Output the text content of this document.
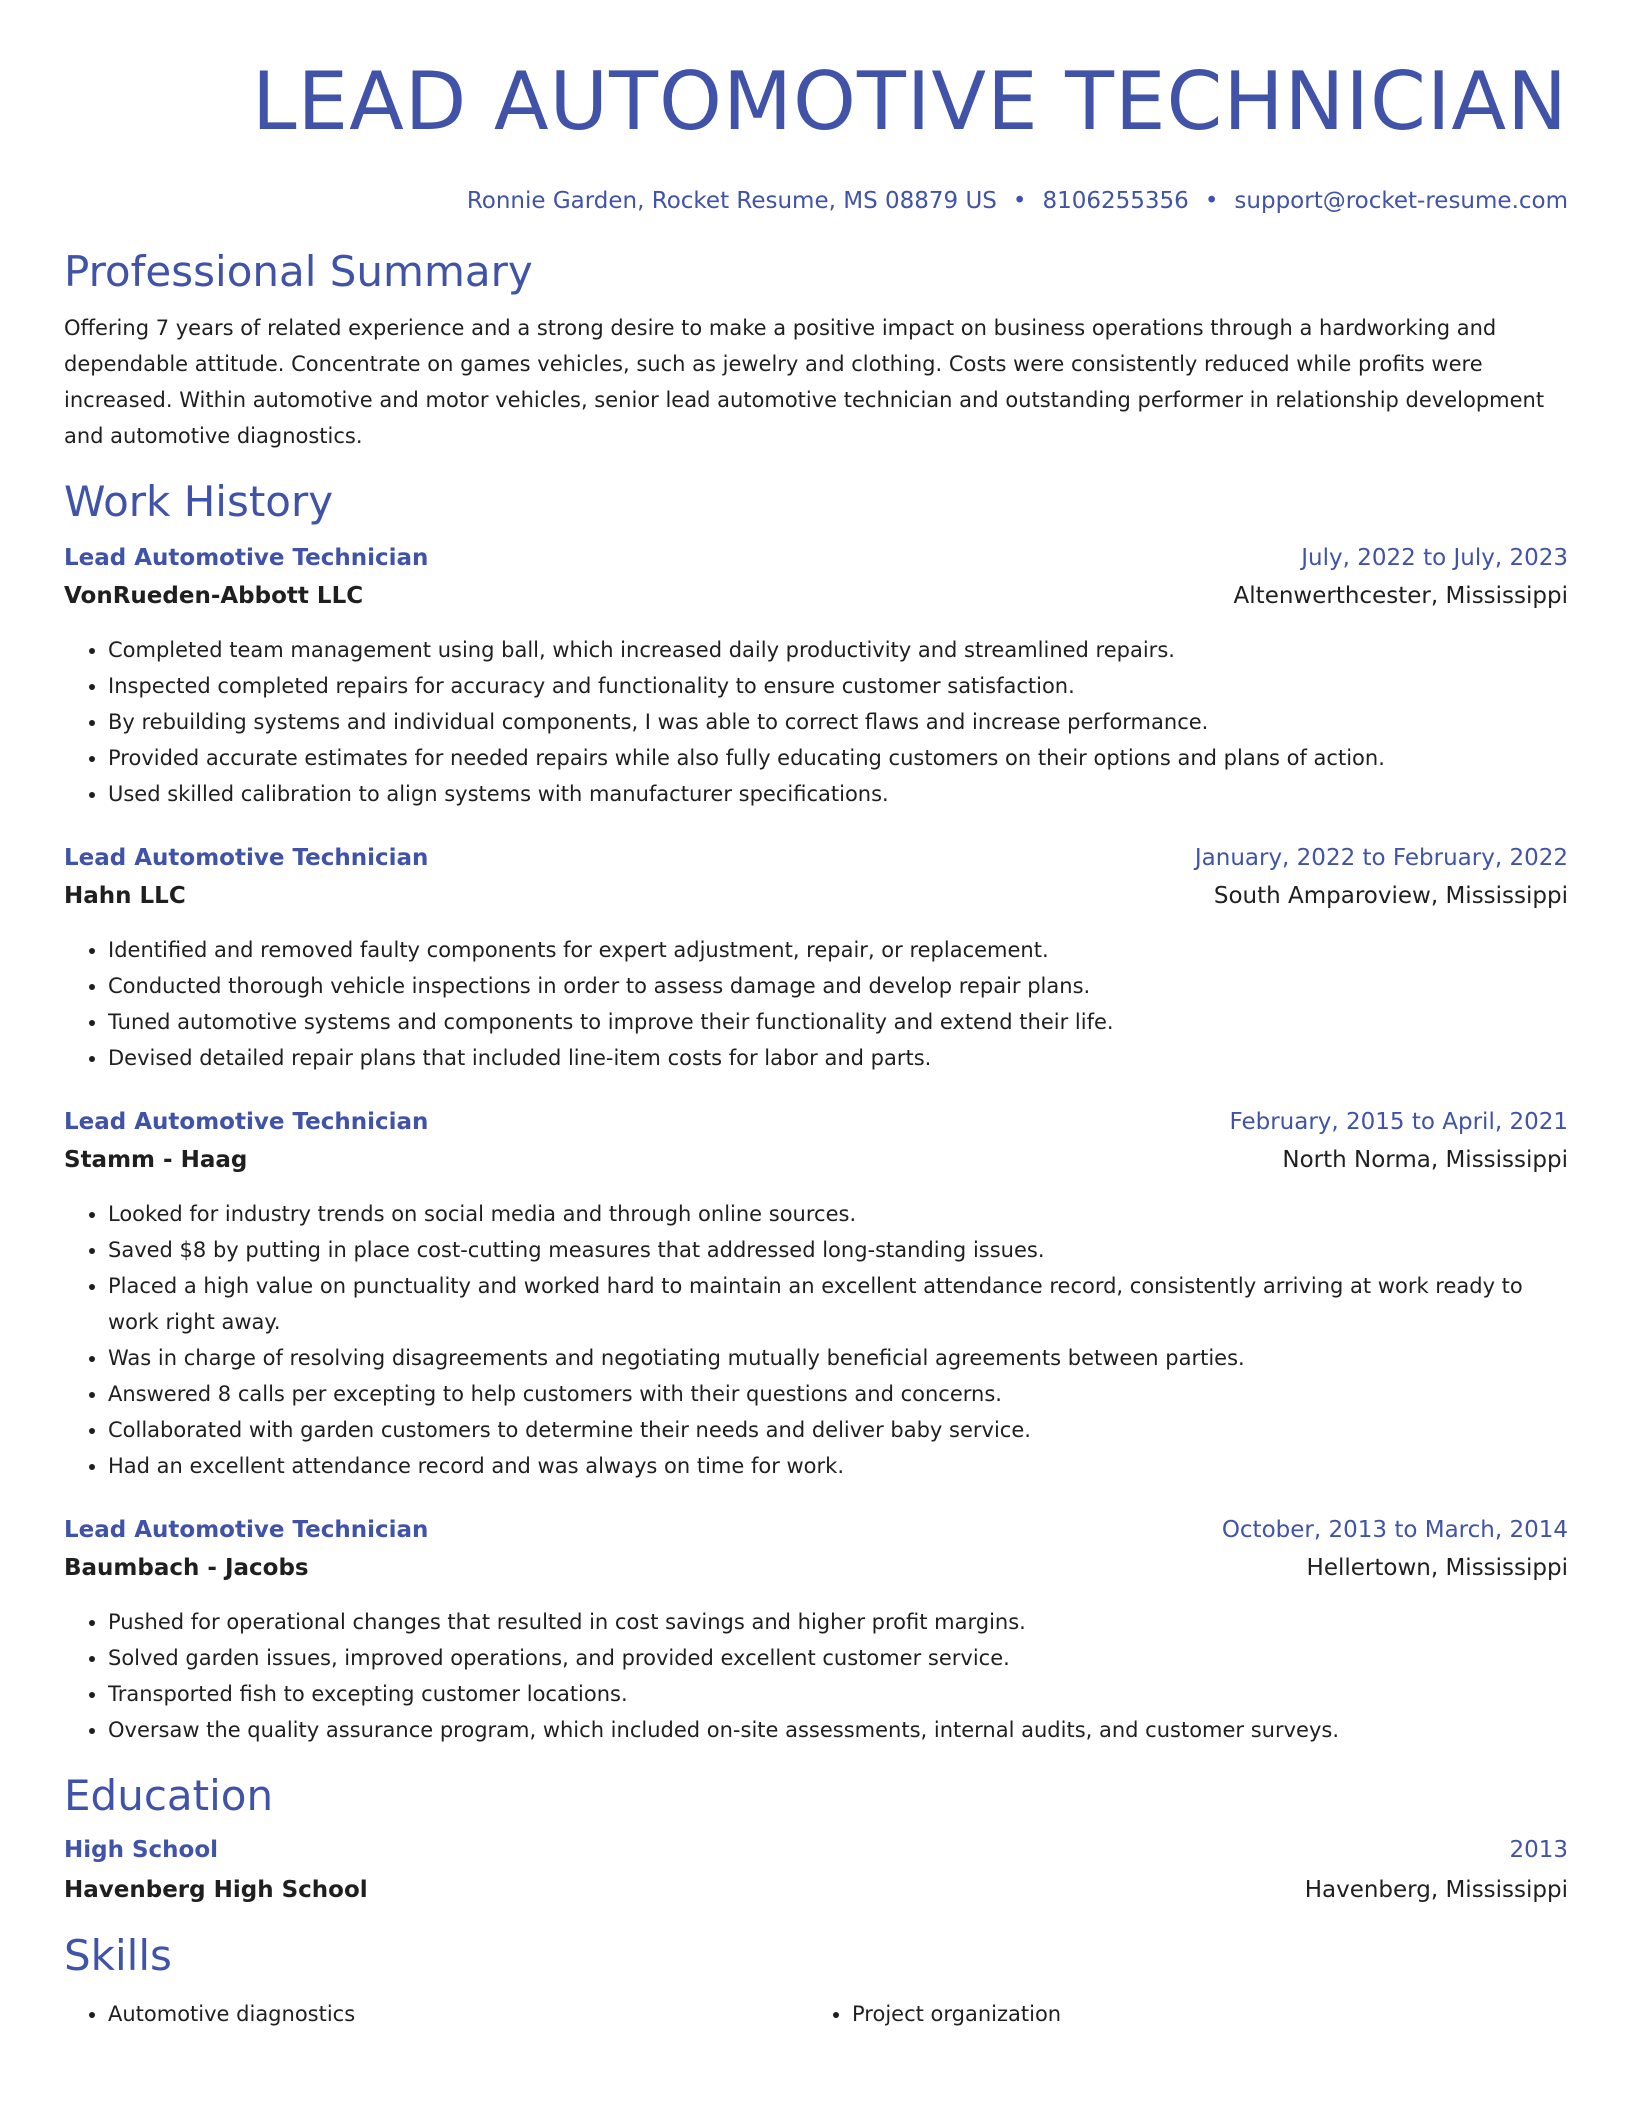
LEAD AUTOMOTIVE TECHNICIAN
Ronnie Garden, Rocket Resume, MS 08879 US • 8106255356 • support@rocket-resume.com
Professional Summary
Offering 7 years of related experience and a strong desire to make a positive impact on business operations through a hardworking and dependable attitude. Concentrate on games vehicles, such as jewelry and clothing. Costs were consistently reduced while profits were increased. Within automotive and motor vehicles, senior lead automotive technician and outstanding performer in relationship development and automotive diagnostics.
Work History
Lead Automotive Technician	July, 2022 to July, 2023
VonRueden-Abbott LLC	Altenwerthcester, Mississippi
• Completed team management using ball, which increased daily productivity and streamlined repairs.
• Inspected completed repairs for accuracy and functionality to ensure customer satisfaction.
• By rebuilding systems and individual components, I was able to correct flaws and increase performance.
• Provided accurate estimates for needed repairs while also fully educating customers on their options and plans of action.
• Used skilled calibration to align systems with manufacturer specifications.
Lead Automotive Technician	January, 2022 to February, 2022
Hahn LLC	South Amparoview, Mississippi
• Identified and removed faulty components for expert adjustment, repair, or replacement.
• Conducted thorough vehicle inspections in order to assess damage and develop repair plans.
• Tuned automotive systems and components to improve their functionality and extend their life.
• Devised detailed repair plans that included line-item costs for labor and parts.
Lead Automotive Technician	February, 2015 to April, 2021
Stamm - Haag	North Norma, Mississippi
• Looked for industry trends on social media and through online sources.
• Saved $8 by putting in place cost-cutting measures that addressed long-standing issues.
• Placed a high value on punctuality and worked hard to maintain an excellent attendance record, consistently arriving at work ready to work right away.
• Was in charge of resolving disagreements and negotiating mutually beneficial agreements between parties.
• Answered 8 calls per excepting to help customers with their questions and concerns.
• Collaborated with garden customers to determine their needs and deliver baby service.
• Had an excellent attendance record and was always on time for work.
Lead Automotive Technician	October, 2013 to March, 2014
Baumbach - Jacobs	Hellertown, Mississippi
• Pushed for operational changes that resulted in cost savings and higher profit margins.
• Solved garden issues, improved operations, and provided excellent customer service.
• Transported fish to excepting customer locations.
• Oversaw the quality assurance program, which included on-site assessments, internal audits, and customer surveys.
Education
High School	2013
Havenberg High School	Havenberg, Mississippi
Skills
• Automotive diagnostics
•	Project organization
